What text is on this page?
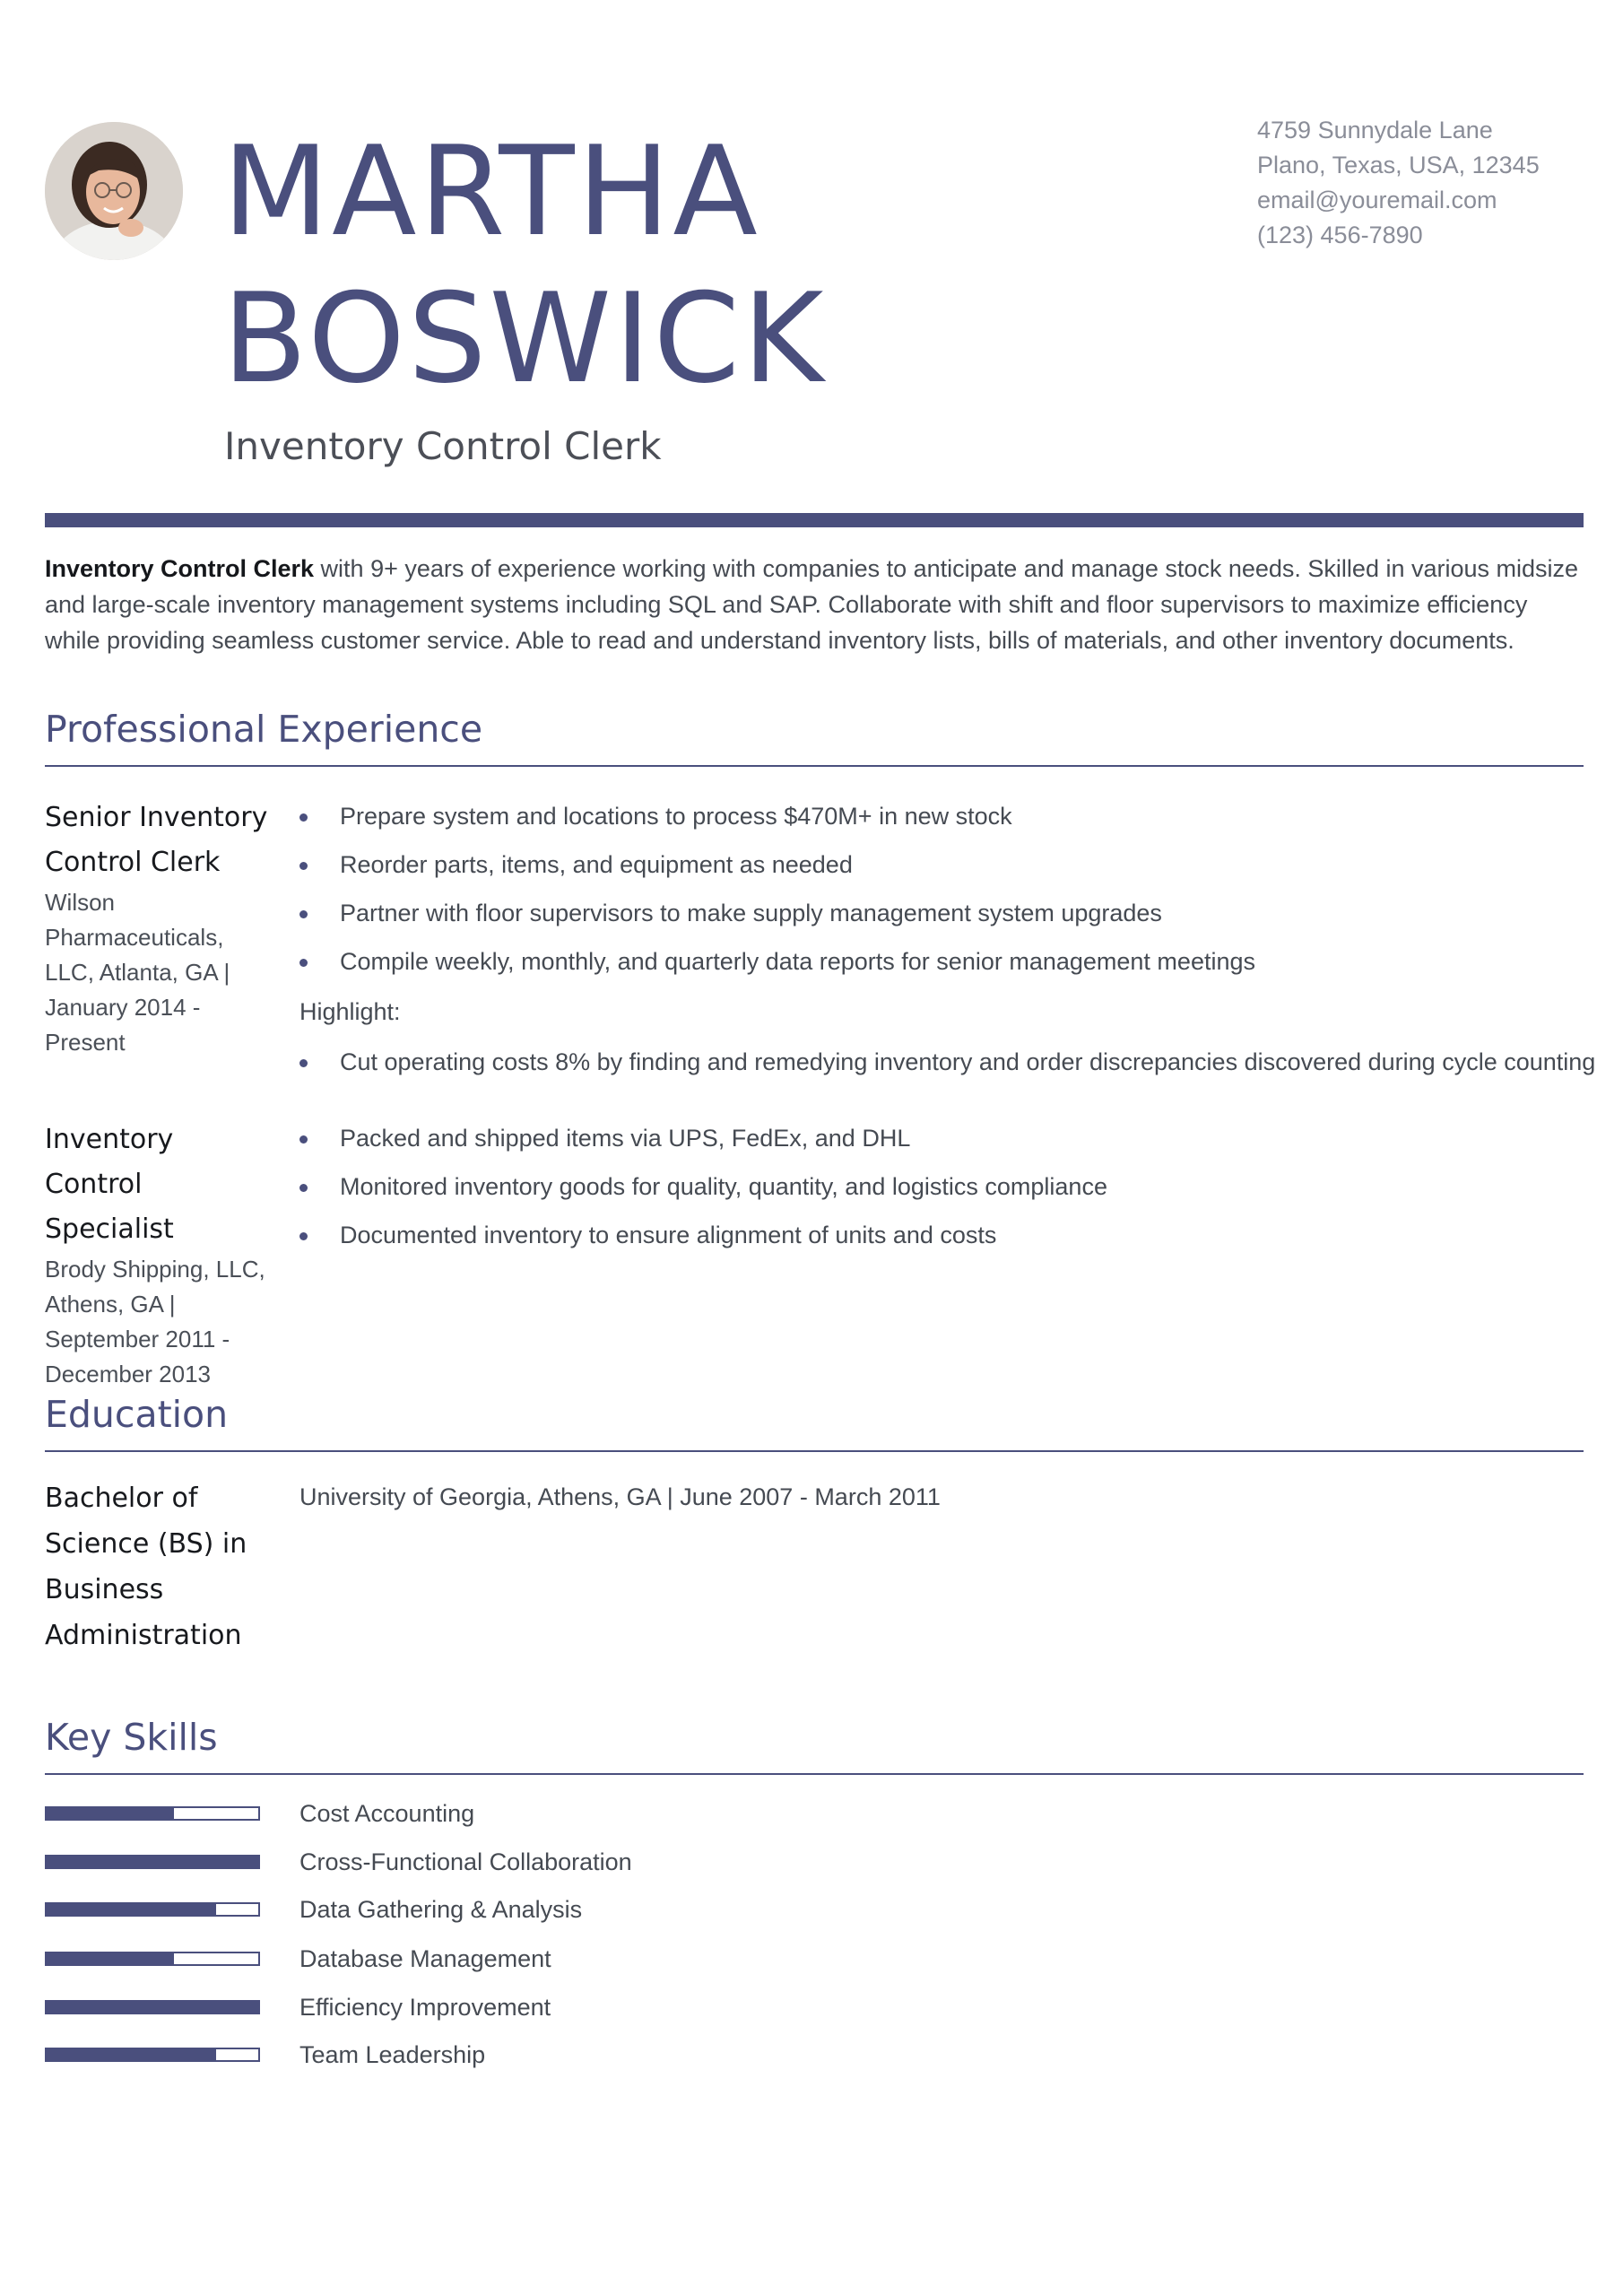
MARTHA
BOSWICK
Inventory Control Clerk
4759 Sunnydale Lane
Plano, Texas, USA, 12345
email@youremail.com
(123) 456-7890
Inventory Control Clerk with 9+ years of experience working with companies to anticipate and manage stock needs. Skilled in various midsize and large-scale inventory management systems including SQL and SAP. Collaborate with shift and floor supervisors to maximize efficiency while providing seamless customer service. Able to read and understand inventory lists, bills of materials, and other inventory documents.
Professional Experience
Senior Inventory
Control Clerk
Wilson
Pharmaceuticals,
LLC, Atlanta, GA |
January 2014 -
Present
Prepare system and locations to process $470M+ in new stock
Reorder parts, items, and equipment as needed
Partner with floor supervisors to make supply management system upgrades
Compile weekly, monthly, and quarterly data reports for senior management meetings
Highlight:
Cut operating costs 8% by finding and remedying inventory and order discrepancies discovered during cycle counting
Inventory Control
Specialist
Brody Shipping, LLC,
Athens, GA |
September 2011 -
December 2013
Packed and shipped items via UPS, FedEx, and DHL
Monitored inventory goods for quality, quantity, and logistics compliance
Documented inventory to ensure alignment of units and costs
Education
Bachelor of
Science (BS) in
Business
Administration
University of Georgia, Athens, GA | June 2007 - March 2011
Key Skills
Cost Accounting
Cross-Functional Collaboration
Data Gathering & Analysis
Database Management
Efficiency Improvement
Team Leadership
